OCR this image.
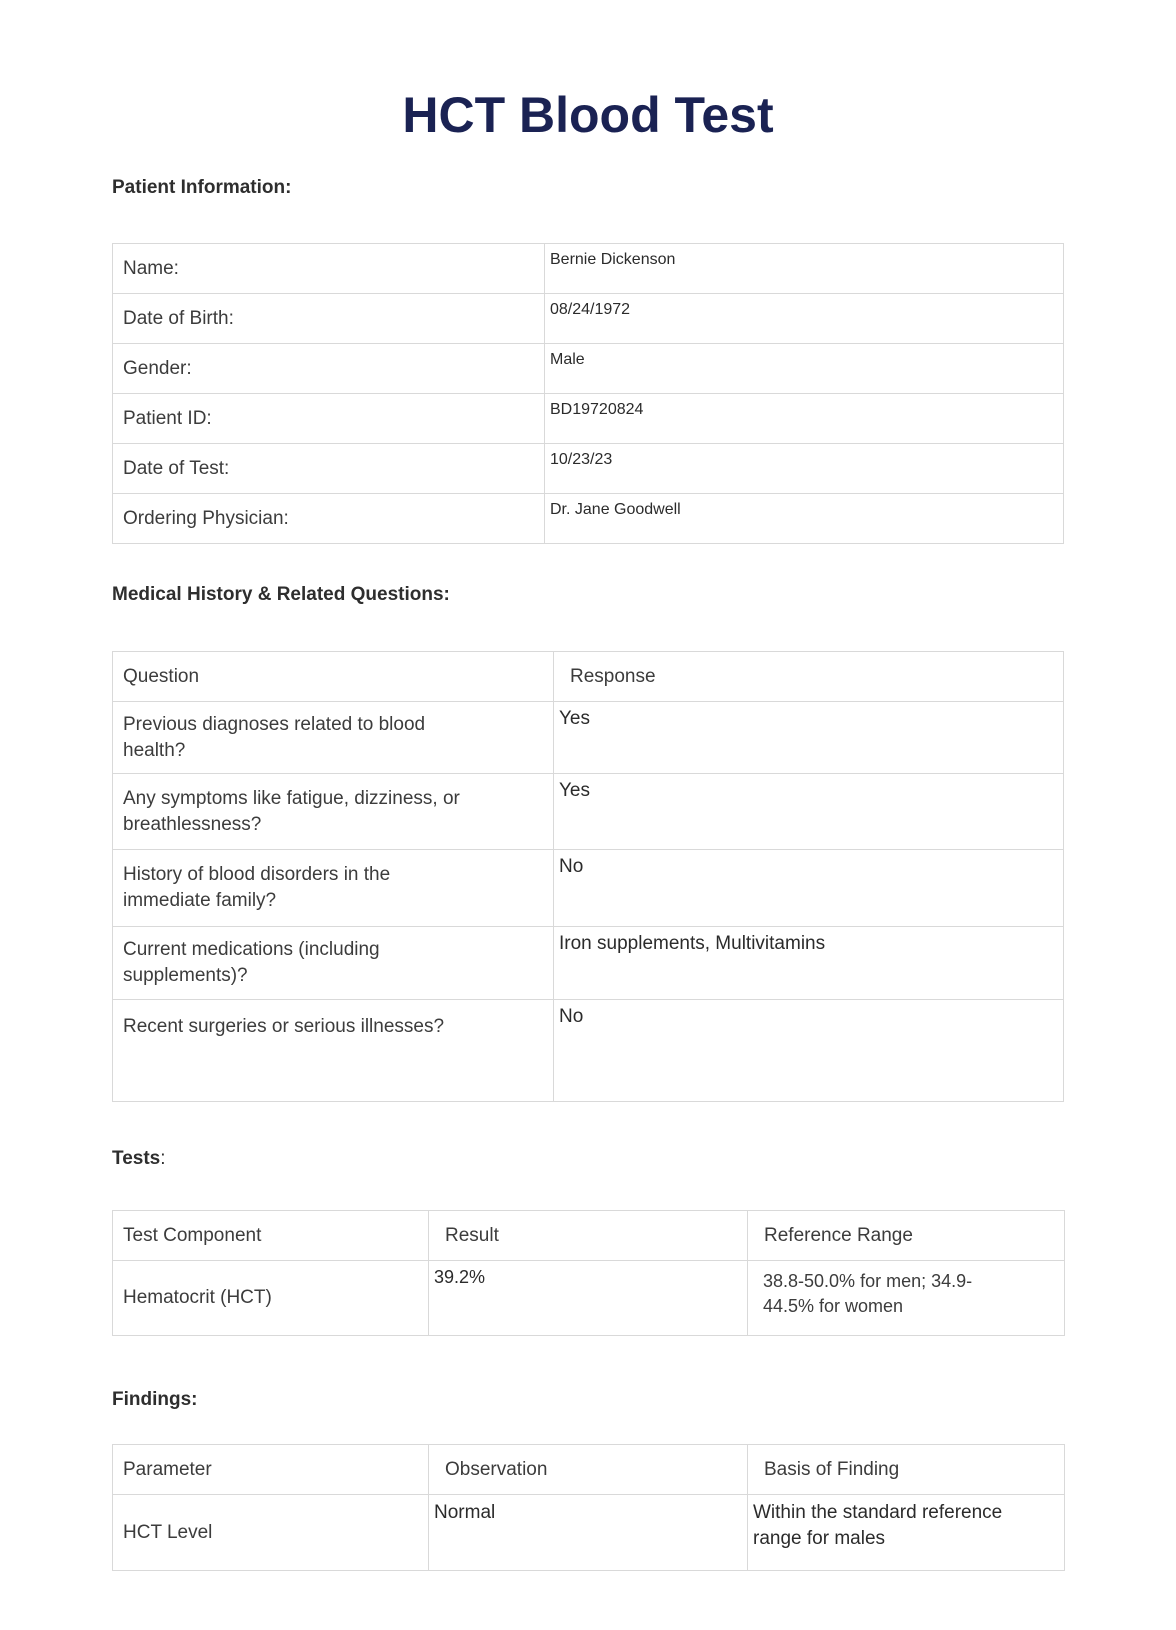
HCT Blood Test
Patient Information:
Name:	Bernie Dickenson
Date of Birth:	08/24/1972
Gender:	Male
Patient ID:	BD19720824
Date of Test:	10/23/23
Ordering Physician:	Dr. Jane Goodwell
Medical History & Related Questions:
Question	Response
Previous diagnoses related to blood health?	Yes
Any symptoms like fatigue, dizziness, or breathlessness?	Yes
History of blood disorders in the immediate family?	No
Current medications (including supplements)?	Iron supplements, Multivitamins
Recent surgeries or serious illnesses?	No
Tests:
Test Component	Result	Reference Range
Hematocrit (HCT)	39.2%	38.8-50.0% for men; 34.9-44.5% for women
Findings:
Parameter	Observation	Basis of Finding
HCT Level	Normal	Within the standard reference range for males
